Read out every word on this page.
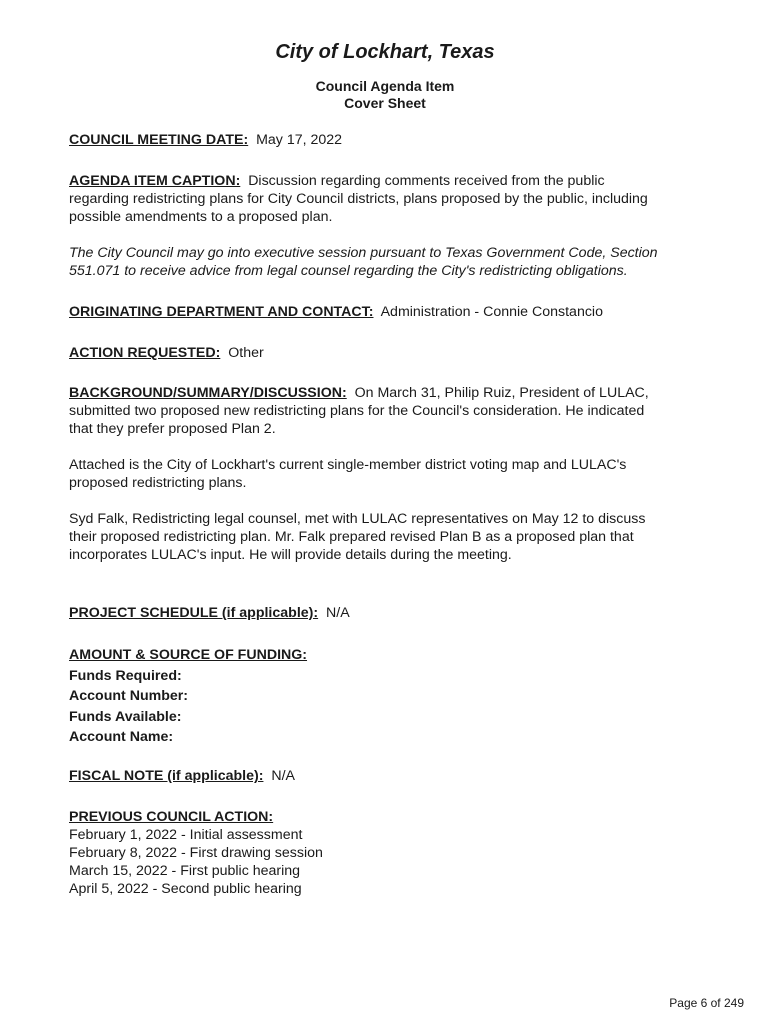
City of Lockhart, Texas
Council Agenda Item
Cover Sheet
COUNCIL MEETING DATE: May 17, 2022
AGENDA ITEM CAPTION: Discussion regarding comments received from the public
regarding redistricting plans for City Council districts, plans proposed by the public, including
possible amendments to a proposed plan.
The City Council may go into executive session pursuant to Texas Government Code, Section
551.071 to receive advice from legal counsel regarding the City's redistricting obligations.
ORIGINATING DEPARTMENT AND CONTACT: Administration - Connie Constancio
ACTION REQUESTED: Other
BACKGROUND/SUMMARY/DISCUSSION: On March 31, Philip Ruiz, President of LULAC,
submitted two proposed new redistricting plans for the Council's consideration. He indicated
that they prefer proposed Plan 2.
Attached is the City of Lockhart's current single-member district voting map and LULAC's
proposed redistricting plans.
Syd Falk, Redistricting legal counsel, met with LULAC representatives on May 12 to discuss
their proposed redistricting plan. Mr. Falk prepared revised Plan B as a proposed plan that
incorporates LULAC's input. He will provide details during the meeting.
PROJECT SCHEDULE (if applicable): N/A
AMOUNT & SOURCE OF FUNDING:
Funds Required:
Account Number:
Funds Available:
Account Name:
FISCAL NOTE (if applicable): N/A
PREVIOUS COUNCIL ACTION:
February 1, 2022 - Initial assessment
February 8, 2022 - First drawing session
March 15, 2022 - First public hearing
April 5, 2022 - Second public hearing
Page 6 of 249
